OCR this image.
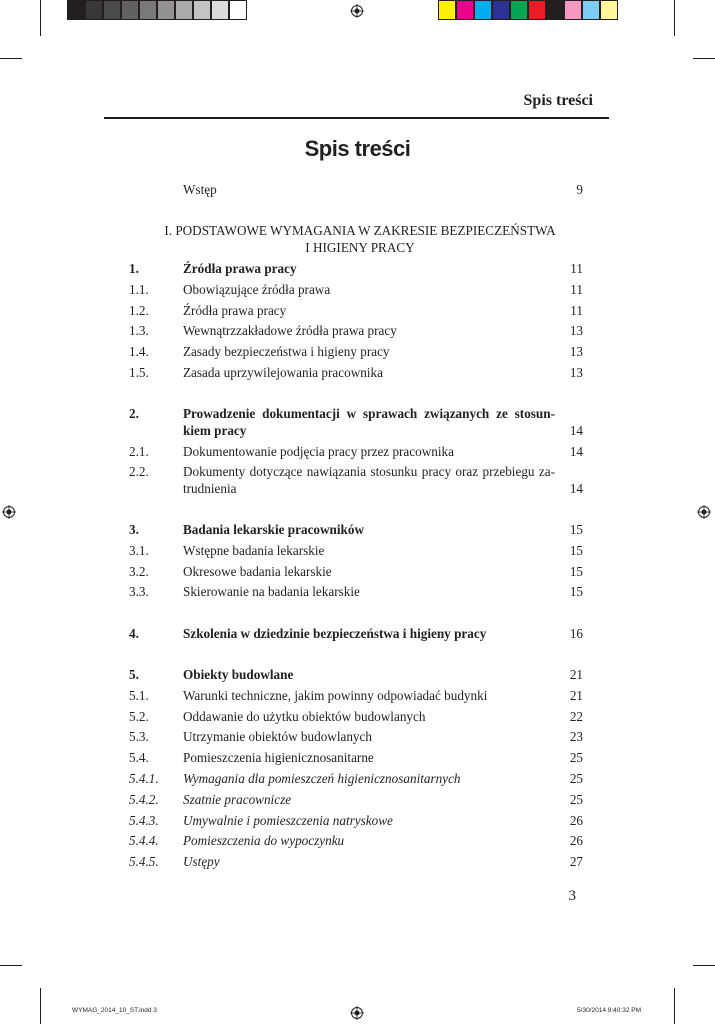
Spis treści
Spis treści
I. PODSTAWOWE WYMAGANIA W ZAKRESIE BEZPIECZEŃSTWA
I HIGIENY PRACY
Wstęp	9
1.	Źródła prawa pracy	11
1.1.	Obowiązujące źródła prawa	11
1.2.	Źródła prawa pracy	11
1.3.	Wewnątrzzakładowe źródła prawa pracy	13
1.4.	Zasady bezpieczeństwa i higieny pracy	13
1.5.	Zasada uprzywilejowania pracownika	13
2.	Prowadzenie dokumentacji w sprawach związanych ze stosun-
kiem pracy	14
2.1.	Dokumentowanie podjęcia pracy przez pracownika	14
2.2.	Dokumenty dotyczące nawiązania stosunku pracy oraz przebiegu za-
trudnienia	14
3.	Badania lekarskie pracowników	15
3.1.	Wstępne badania lekarskie	15
3.2.	Okresowe badania lekarskie	15
3.3.	Skierowanie na badania lekarskie	15
4.	Szkolenia w dziedzinie bezpieczeństwa i higieny pracy	16
5.	Obiekty budowlane	21
5.1.	Warunki techniczne, jakim powinny odpowiadać budynki	21
5.2.	Oddawanie do użytku obiektów budowlanych	22
5.3.	Utrzymanie obiektów budowlanych	23
5.4.	Pomieszczenia higienicznosanitarne	25
5.4.1. Wymagania dla pomieszczeń higienicznosanitarnych	25
5.4.2. Szatnie pracownicze	25
5.4.3. Umywalnie i pomieszczenia natryskowe	26
5.4.4. Pomieszczenia do wypoczynku	26
5.4.5. Ustępy	27
3
WYMAG_2014_10_ST.indd 3	5/30/2014 9:40:32 PM
